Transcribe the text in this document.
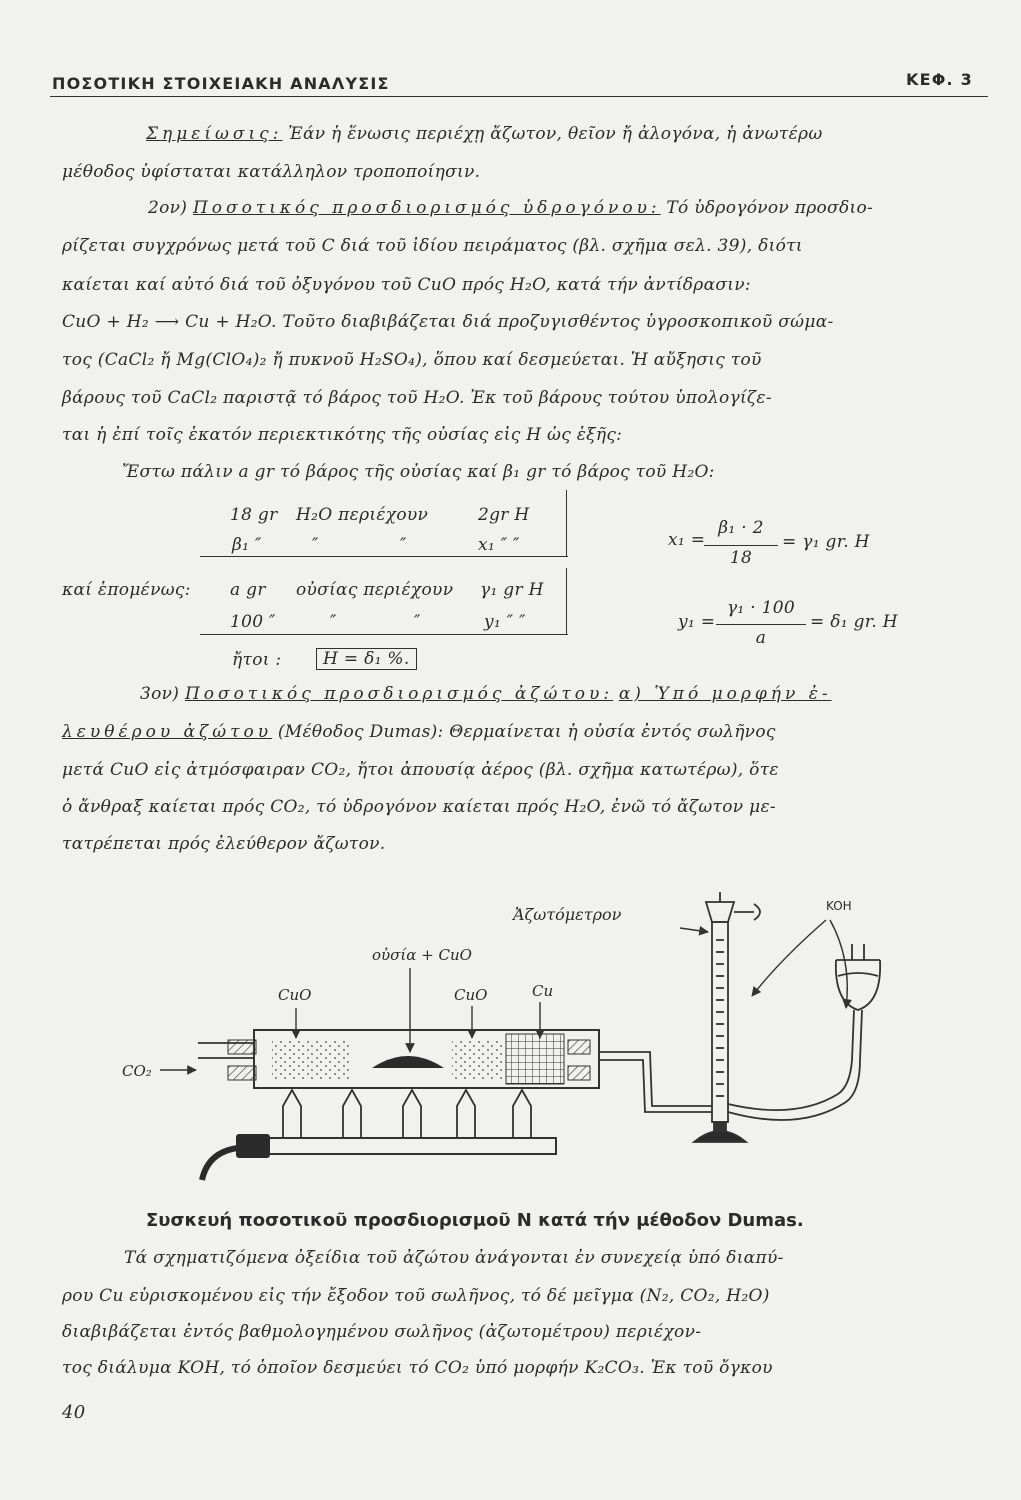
ΠΟΣΟΤΙΚΗ ΣΤΟΙΧΕΙΑΚΗ ΑΝΑΛΥΣΙΣ	ΚΕΦ. 3
Σημείωσις: Ἐάν ἡ ἕνωσις περιέχῃ ἄζωτον, θεῖον ἤ ἀλογόνα, ἡ ἀνωτέρω
μέθοδος ὑφίσταται κατάλληλον τροποποίησιν.
2ον) Ποσοτικός προσδιορισμός ὑδρογόνου: Τό ὑδρογόνον προσδιο-
ρίζεται συγχρόνως μετά τοῦ C διά τοῦ ἰδίου πειράματος (βλ. σχῆμα σελ. 39), διότι
καίεται καί αὐτό διά τοῦ ὀξυγόνου τοῦ CuO πρός H₂O, κατά τήν ἀντίδρασιν:
CuO + H₂ ⟶ Cu + H₂O. Τοῦτο διαβιβάζεται διά προζυγισθέντος ὑγροσκοπικοῦ σώμα-
τος (CaCl₂ ἤ Mg(ClO₄)₂ ἤ πυκνοῦ H₂SO₄), ὅπου καί δεσμεύεται. Ἡ αὔξησις τοῦ
βάρους τοῦ CaCl₂ παριστᾷ τό βάρος τοῦ H₂O. Ἐκ τοῦ βάρους τούτου ὑπολογίζε-
ται ἡ ἐπί τοῖς ἑκατόν περιεκτικότης τῆς οὐσίας εἰς H ὡς ἑξῆς:
Ἔστω πάλιν a gr τό βάρος τῆς οὐσίας καί β₁ gr τό βάρος τοῦ H₂O:
18 gr H₂O περιέχουν	2gr H
β₁ ″	″	″	x₁ ″ ″
καί ἑπομένως: a gr οὐσίας περιέχουν γ₁ gr H
100 ″	″	″	y₁ ″ ″
x₁ =
β₁ · 2
18
= γ₁ gr. H
y₁ =
γ₁ · 100
a
= δ₁ gr. H
ἤτοι :	H = δ₁ %.
3ον) Ποσοτικός προσδιορισμός ἀζώτου: α) Ὑπό μορφήν ἐ-
λευθέρου ἀζώτου (Μέθοδος Dumas): Θερμαίνεται ἡ οὐσία ἐντός σωλῆνος
μετά CuO εἰς ἀτμόσφαιραν CO₂, ἤτοι ἀπουσίᾳ ἀέρος (βλ. σχῆμα κατωτέρω), ὅτε
ὁ ἄνθραξ καίεται πρός CO₂, τό ὑδρογόνον καίεται πρός H₂O, ἐνῶ τό ἄζωτον με-
τατρέπεται πρός ἐλεύθερον ἄζωτον.
Ἀζωτόμετρον	KOH
οὐσία + CuO
CuO	CuO	Cu
CO₂
Συσκευή ποσοτικοῦ προσδιορισμοῦ N κατά τήν μέθοδον Dumas.
Τά σχηματιζόμενα ὀξείδια τοῦ ἀζώτου ἀνάγονται ἐν συνεχείᾳ ὑπό διαπύ-
ρου Cu εὑρισκομένου εἰς τήν ἔξοδον τοῦ σωλῆνος, τό δέ μεῖγμα (N₂, CO₂, H₂O)
διαβιβάζεται ἐντός βαθμολογημένου σωλῆνος (ἀζωτομέτρου) περιέχον-
τος διάλυμα KOH, τό ὁποῖον δεσμεύει τό CO₂ ὑπό μορφήν K₂CO₃. Ἐκ τοῦ ὄγκου
40
